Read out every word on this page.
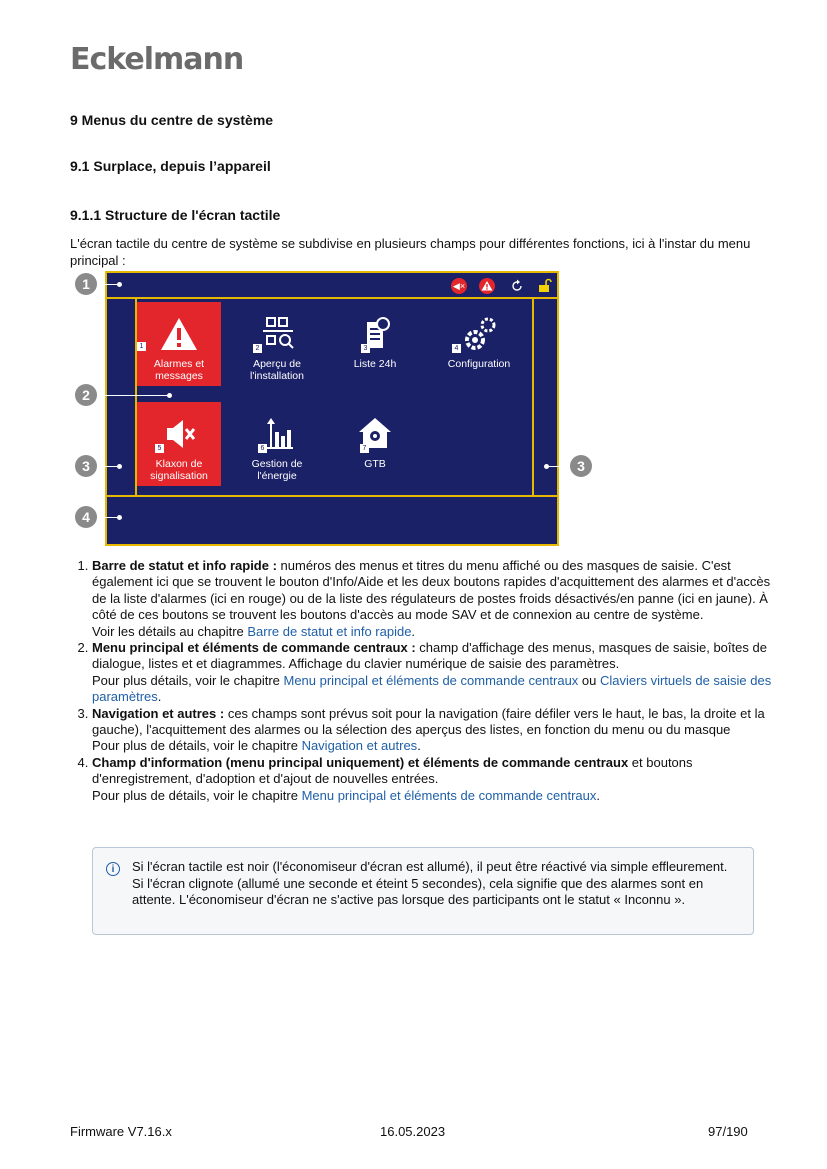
Eckelmann
9 Menus du centre de système
9.1 Surplace, depuis l’appareil
9.1.1 Structure de l'écran tactile
L'écran tactile du centre de système se subdivise en plusieurs champs pour différentes fonctions, ici à l'instar du menu principal :
◀×
Alarmes et messages
Aperçu de l'installation
Liste 24h	Configuration
Klaxon de signalisation
Gestion de l'énergie
GTB
1	2	3	4
5	6	7
1
2
3	3
4
1. Barre de statut et info rapide : numéros des menus et titres du menu affiché ou des masques de saisie. C'est également ici que se trouvent le bouton d'Info/Aide et les deux boutons rapides d'acquittement des alarmes et d'accès de la liste d'alarmes (ici en rouge) ou de la liste des régulateurs de postes froids désactivés/en panne (ici en jaune). À côté de ces boutons se trouvent les boutons d'accès au mode SAV et de connexion au centre de système.
Voir les détails au chapitre Barre de statut et info rapide.
2. Menu principal et éléments de commande centraux : champ d'affichage des menus, masques de saisie, boîtes de dialogue, listes et et diagrammes. Affichage du clavier numérique de saisie des paramètres.
Pour plus détails, voir le chapitre Menu principal et éléments de commande centraux ou Claviers virtuels de saisie des paramètres.
3. Navigation et autres : ces champs sont prévus soit pour la navigation (faire défiler vers le haut, le bas, la droite et la gauche), l'acquittement des alarmes ou la sélection des aperçus des listes, en fonction du menu ou du masque
Pour plus de détails, voir le chapitre Navigation et autres.
4. Champ d'information (menu principal uniquement) et éléments de commande centraux et boutons d'enregistrement, d'adoption et d'ajout de nouvelles entrées.
Pour plus de détails, voir le chapitre Menu principal et éléments de commande centraux.
i	Si l'écran tactile est noir (l'économiseur d'écran est allumé), il peut être réactivé via simple effleurement. Si l'écran clignote (allumé une seconde et éteint 5 secondes), cela signifie que des alarmes sont en attente. L'économiseur d'écran ne s'active pas lorsque des participants ont le statut « Inconnu ».
Firmware V7.16.x	16.05.2023	97/190
